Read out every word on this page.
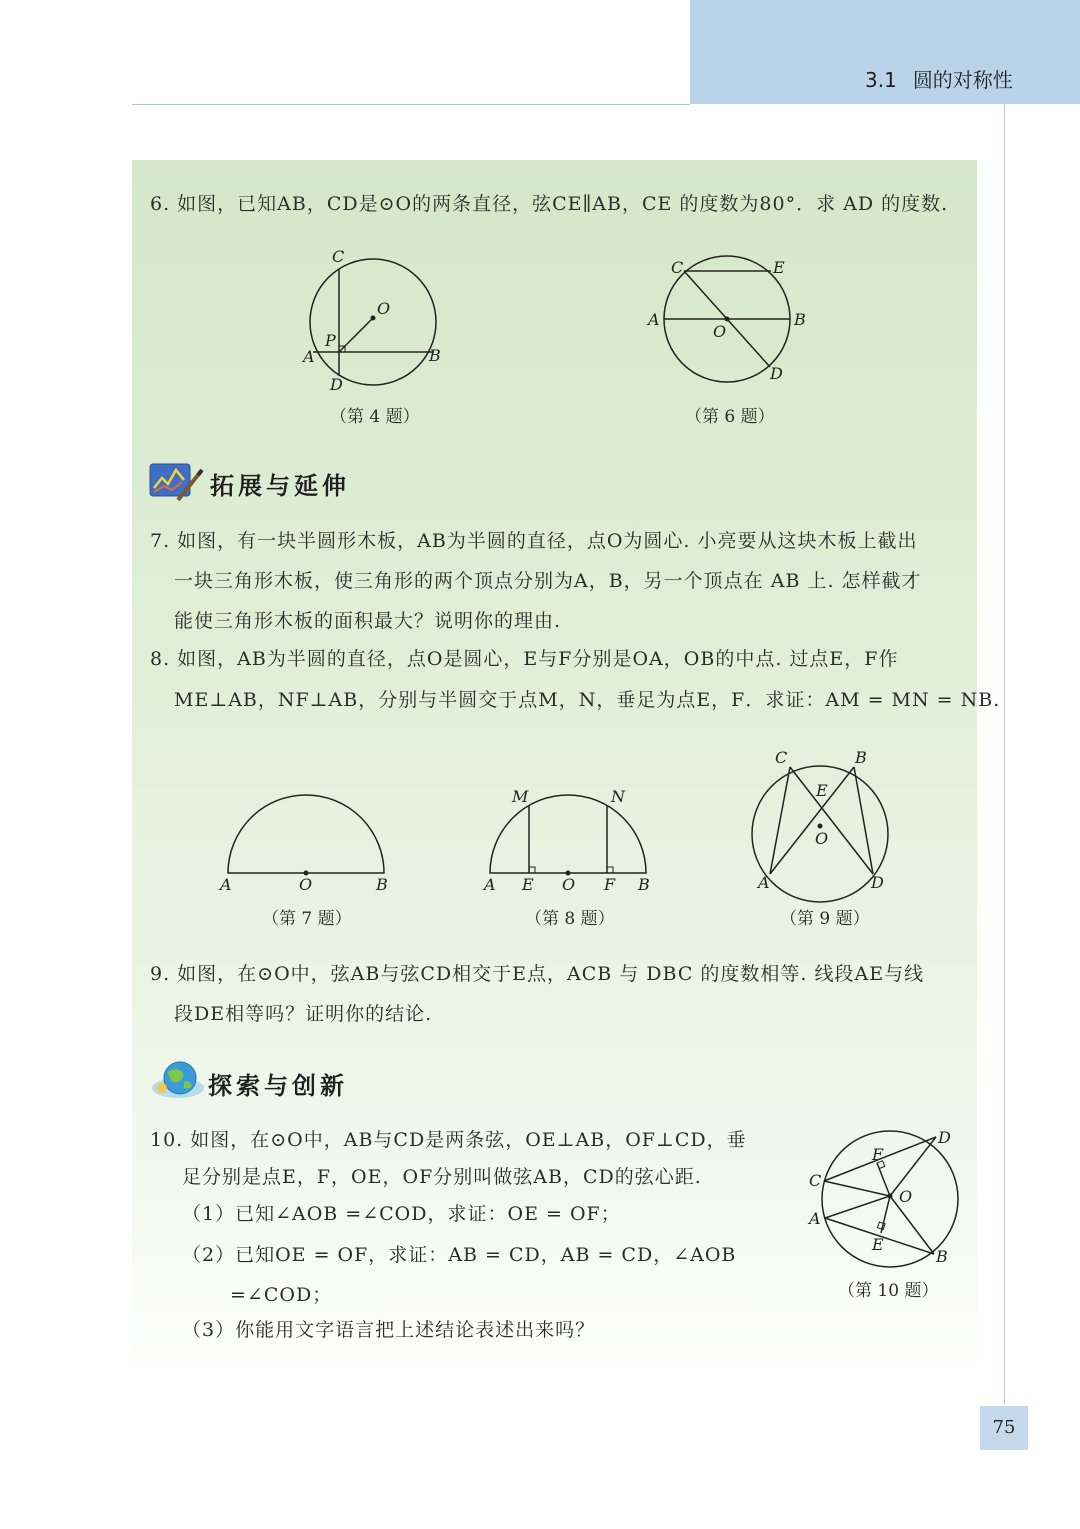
3.1 圆的对称性
6. 如图，已知AB，CD是⊙O的两条直径，弦CE∥AB，CE 的度数为80°．求 AD 的度数.
C
O
P
A	B
D
（第 4 题）
C	E
A
O
B
D
（第 6 题）
拓展与延伸
7. 如图，有一块半圆形木板，AB为半圆的直径，点O为圆心. 小亮要从这块木板上截出
一块三角形木板，使三角形的两个顶点分别为A，B，另一个顶点在 AB 上. 怎样截才
能使三角形木板的面积最大？说明你的理由.
8. 如图，AB为半圆的直径，点O是圆心，E与F分别是OA，OB的中点. 过点E，F作
ME⊥AB，NF⊥AB，分别与半圆交于点M，N，垂足为点E，F．求证：AM = MN = NB.
A	O	B
（第 7 题）
M	N
A E O F B
（第 8 题）
C	B
E
O
A	D
（第 9 题）
9. 如图，在⊙O中，弦AB与弦CD相交于E点，ACB 与 DBC 的度数相等. 线段AE与线
段DE相等吗？证明你的结论.
探索与创新
10. 如图，在⊙O中，AB与CD是两条弦，OE⊥AB，OF⊥CD，垂
足分别是点E，F，OE，OF分别叫做弦AB，CD的弦心距.
（1）已知∠AOB =∠COD，求证：OE = OF；
（2）已知OE = OF，求证：AB = CD，AB = CD，∠AOB
=∠COD；
（3）你能用文字语言把上述结论表述出来吗？
D
F
C
O
A
E
B
（第 10 题）
75
